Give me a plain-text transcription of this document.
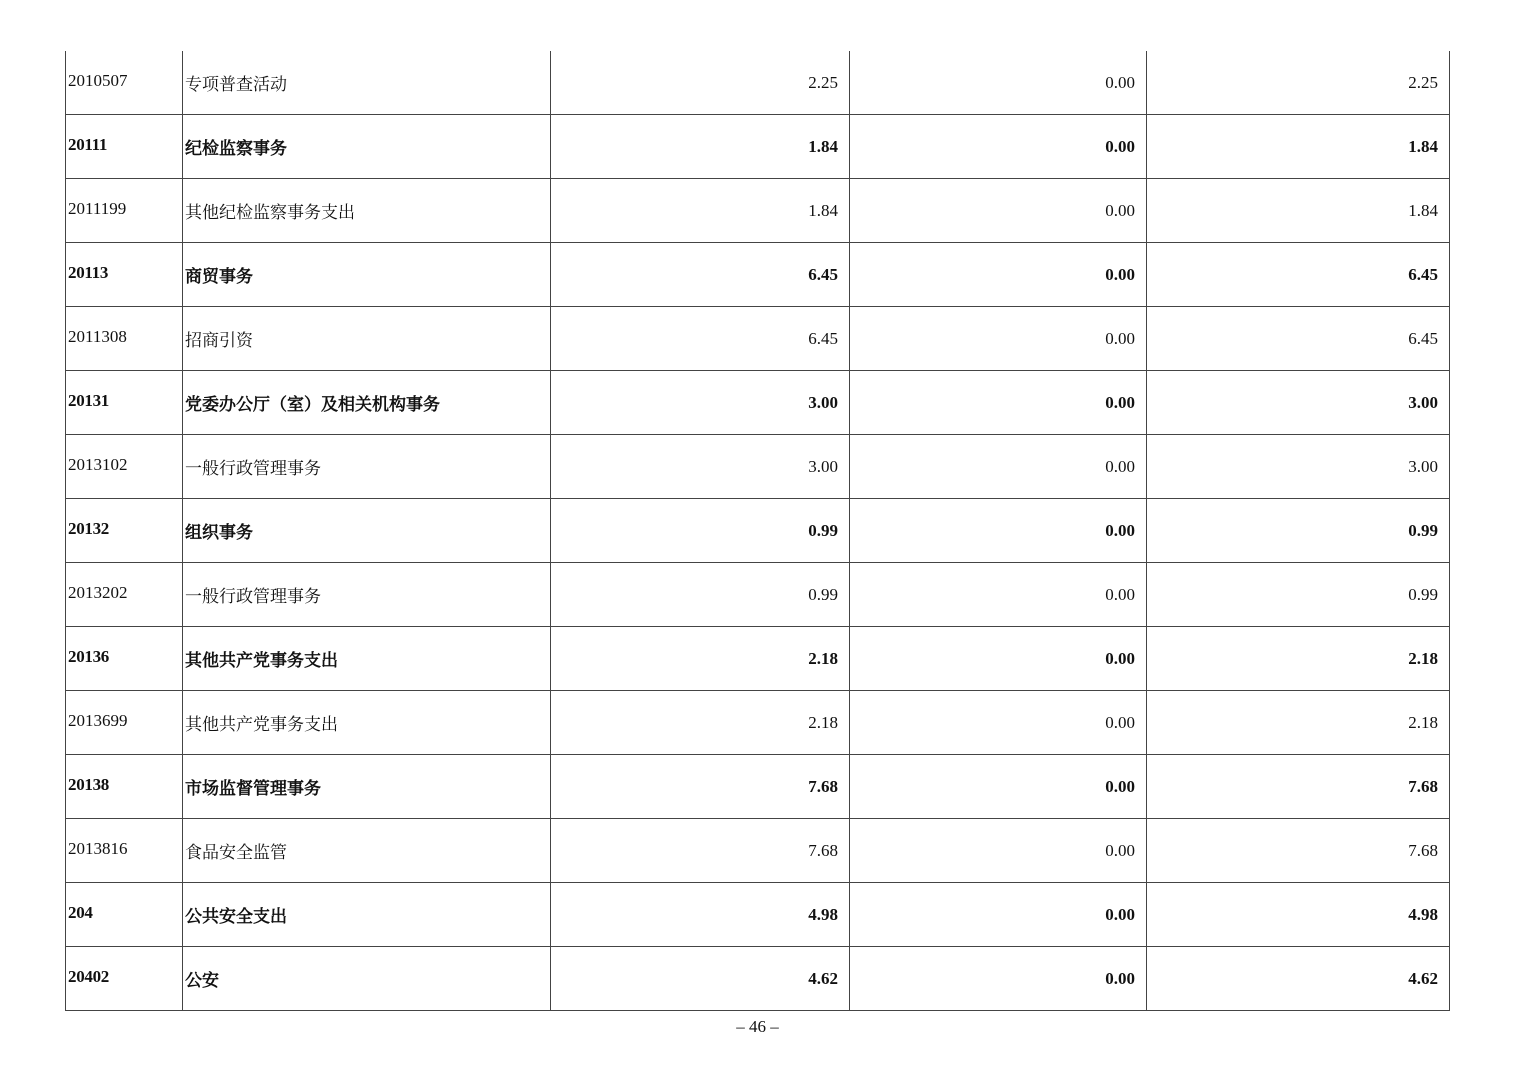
2010507	专项普查活动	2.25	0.00	2.25
20111	纪检监察事务	1.84	0.00	1.84
2011199	其他纪检监察事务支出	1.84	0.00	1.84
20113	商贸事务	6.45	0.00	6.45
2011308	招商引资	6.45	0.00	6.45
20131	党委办公厅（室）及相关机构事务	3.00	0.00	3.00
2013102	一般行政管理事务	3.00	0.00	3.00
20132	组织事务	0.99	0.00	0.99
2013202	一般行政管理事务	0.99	0.00	0.99
20136	其他共产党事务支出	2.18	0.00	2.18
2013699	其他共产党事务支出	2.18	0.00	2.18
20138	市场监督管理事务	7.68	0.00	7.68
2013816	食品安全监管	7.68	0.00	7.68
204	公共安全支出	4.98	0.00	4.98
20402	公安	4.62	0.00	4.62
– 46 –
